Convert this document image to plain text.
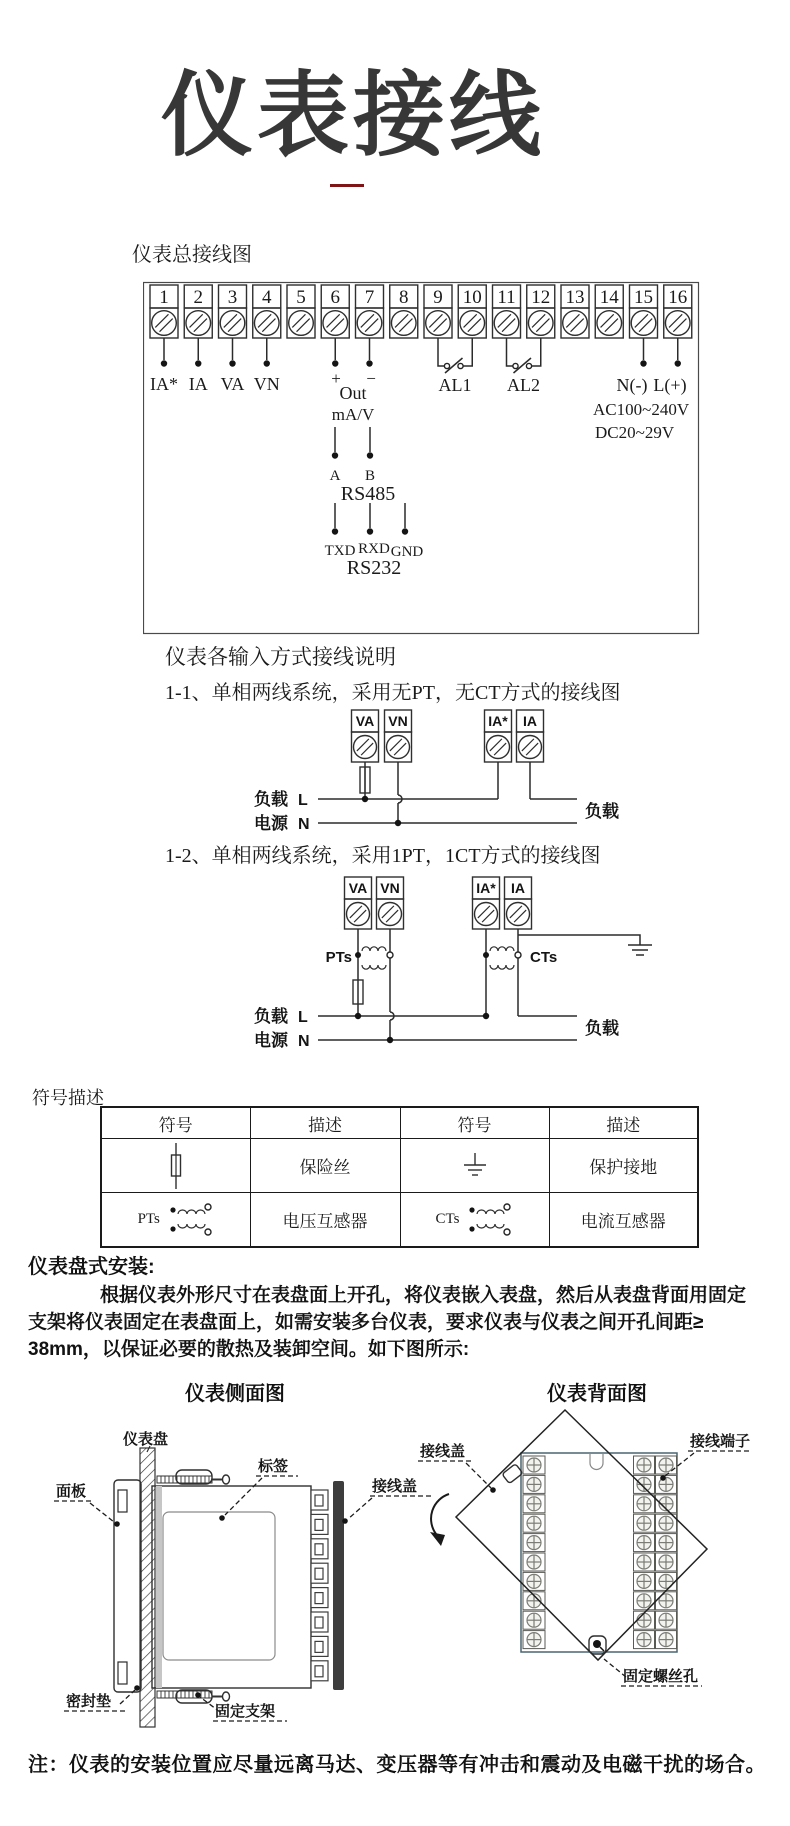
仪表接线
仪表总接线图
1 2 3 4 5 6 7 8 9 10 11 12 13 14 15 16
IA* IA VA VN	+ −
Out
mA/V
AL1 AL2	N(-) L(+)
AC100~240V
DC20~29V
A B
RS485
TXD RXD GND
RS232
仪表各输入方式接线说明
1-1、单相两线系统，采用无PT，无CT方式的接线图
VA VN	IA* IA
负载 L
电源 N
负载
1-2、单相两线系统，采用1PT，1CT方式的接线图
VA VN	IA* IA
PTs	CTs
负载 L
电源 N
负载
符号描述
符号	描述	符号	描述

	保险丝		保护接地

PTs	电压互感器	CTs	电流互感器
仪表盘式安装:
根据仪表外形尺寸在表盘面上开孔，将仪表嵌入表盘，然后从表盘背面用固定
支架将仪表固定在表盘面上，如需安装多台仪表，要求仪表与仪表之间开孔间距≥
38mm，以保证必要的散热及装卸空间。如下图所示:
仪表侧面图	仪表背面图
仪表盘
面板
标签
接线盖
密封垫
固定支架
接线盖
接线端子
固定螺丝孔
注：仪表的安装位置应尽量远离马达、变压器等有冲击和震动及电磁干扰的场合。
